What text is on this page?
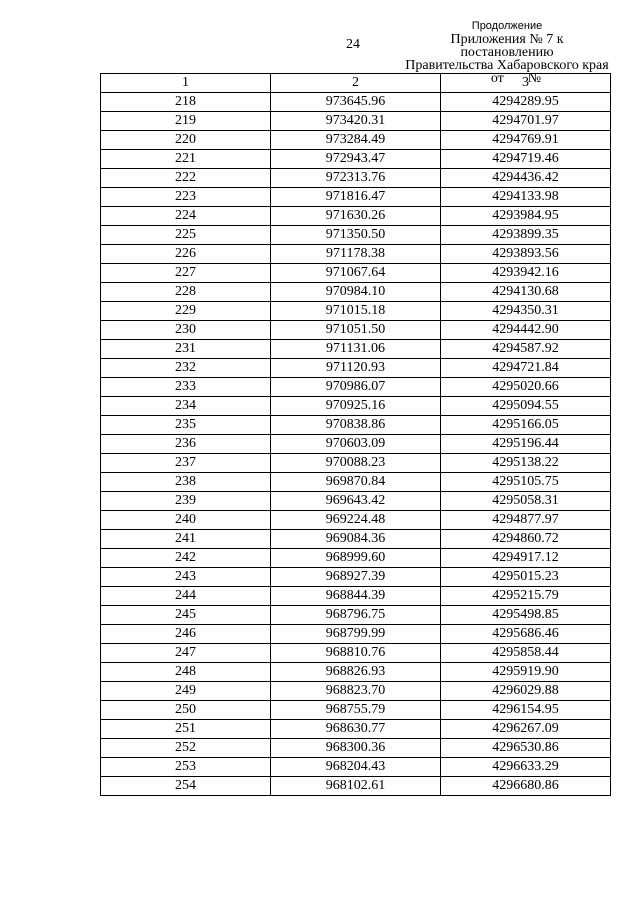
24
Продолжение
Приложения № 7 к постановлению
Правительства Хабаровского края
от №
1	2	3
218	973645.96	4294289.95
219	973420.31	4294701.97
220	973284.49	4294769.91
221	972943.47	4294719.46
222	972313.76	4294436.42
223	971816.47	4294133.98
224	971630.26	4293984.95
225	971350.50	4293899.35
226	971178.38	4293893.56
227	971067.64	4293942.16
228	970984.10	4294130.68
229	971015.18	4294350.31
230	971051.50	4294442.90
231	971131.06	4294587.92
232	971120.93	4294721.84
233	970986.07	4295020.66
234	970925.16	4295094.55
235	970838.86	4295166.05
236	970603.09	4295196.44
237	970088.23	4295138.22
238	969870.84	4295105.75
239	969643.42	4295058.31
240	969224.48	4294877.97
241	969084.36	4294860.72
242	968999.60	4294917.12
243	968927.39	4295015.23
244	968844.39	4295215.79
245	968796.75	4295498.85
246	968799.99	4295686.46
247	968810.76	4295858.44
248	968826.93	4295919.90
249	968823.70	4296029.88
250	968755.79	4296154.95
251	968630.77	4296267.09
252	968300.36	4296530.86
253	968204.43	4296633.29
254	968102.61	4296680.86
